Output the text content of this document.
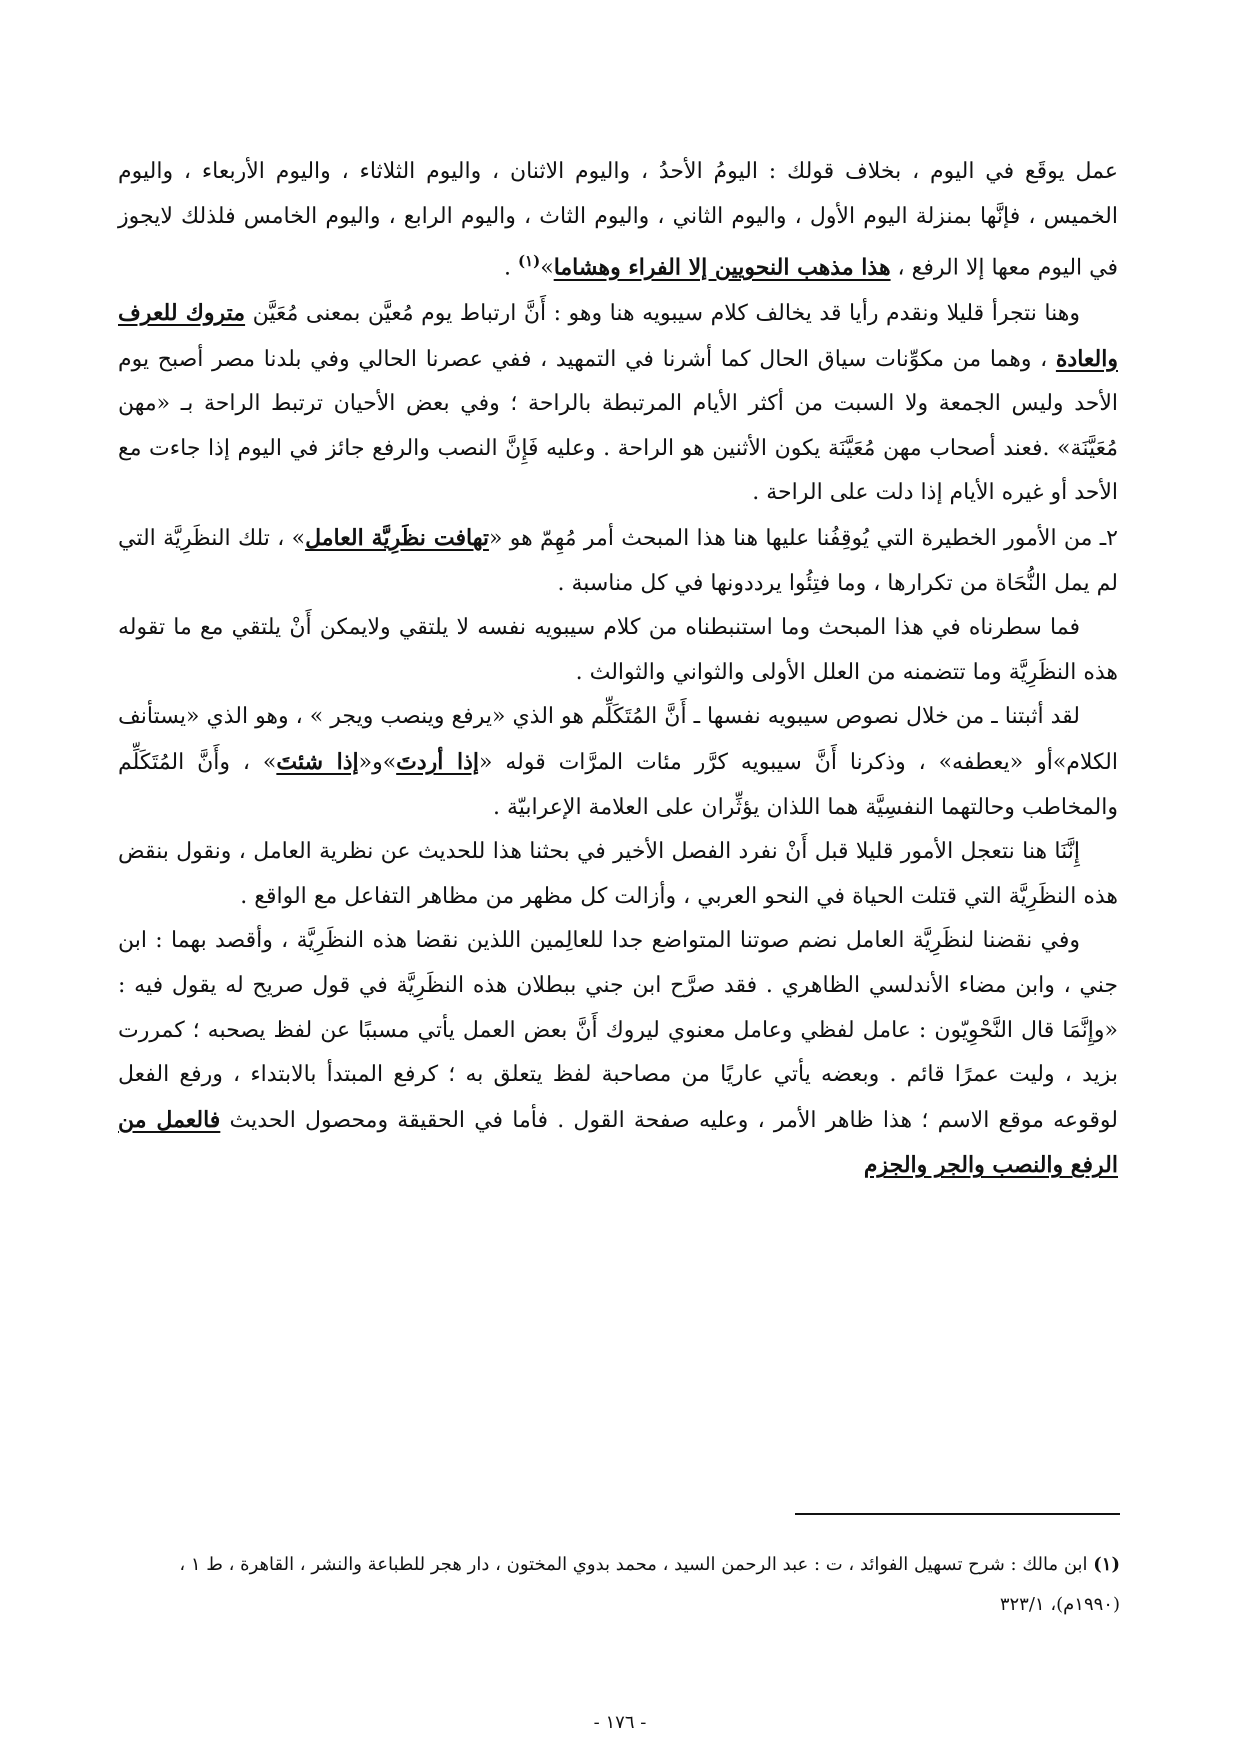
عمل يوقَع في اليوم ، بخلاف قولك : اليومُ الأحدُ ، واليوم الاثنان ، واليوم الثلاثاء ، واليوم الأربعاء ، واليوم الخميس ، فإنَّها بمنزلة اليوم الأول ، واليوم الثاني ، واليوم الثاث ، واليوم الرابع ، واليوم الخامس فلذلك لايجوز في اليوم معها إلا الرفع ، هذا مذهب النحويين إلا الفراء وهشاما»$^{(١)}$ .

وهنا نتجرأ قليلا ونقدم رأيا قد يخالف كلام سيبويه هنا وهو : أَنَّ ارتباط يوم مُعيَّن بمعنى مُعَيَّن متروك للعرف والعادة ، وهما من مكوِّنات سياق الحال كما أشرنا في التمهيد ، ففي عصرنا الحالي وفي بلدنا مصر أصبح يوم الأحد وليس الجمعة ولا السبت من أكثر الأيام المرتبطة بالراحة ؛ وفي بعض الأحيان ترتبط الراحة بـ «مهن مُعَيَّنَة» .فعند أصحاب مهن مُعَيَّنَة يكون الأثنين هو الراحة . وعليه فَإِنَّ النصب والرفع جائز في اليوم إذا جاءت مع الأحد أو غيره الأيام إذا دلت على الراحة .

٢ـ من الأمور الخطيرة التي يُوقِفُنا عليها هنا هذا المبحث أمر مُهِمّ هو «تهافت نظَرِيَّة العامل» ، تلك النظَرِيَّة التي لم يمل النُّحَاة من تكرارها ، وما فتِئُوا يرددونها في كل مناسبة .

فما سطرناه في هذا المبحث وما استنبطناه من كلام سيبويه نفسه لا يلتقي ولايمكن أَنْ يلتقي مع ما تقوله هذه النظَرِيَّة وما تتضمنه من العلل الأولى والثواني والثوالث .

لقد أثبتنا ـ من خلال نصوص سيبويه نفسها ـ أَنَّ المُتَكَلِّم هو الذي «يرفع وينصب ويجر » ، وهو الذي «يستأنف الكلام»أو «يعطفه» ، وذكرنا أَنَّ سيبويه كرَّر مئات المرَّات قوله «إذا أردتَ»و«إذا شئتَ» ، وأَنَّ المُتَكَلِّم والمخاطب وحالتهما النفسِيَّة هما اللذان يؤثِّران على العلامة الإعرابيّة .

إِنَّنَا هنا نتعجل الأمور قليلا قبل أَنْ نفرد الفصل الأخير في بحثنا هذا للحديث عن نظرية العامل ، ونقول بنقض هذه النظَرِيَّة التي قتلت الحياة في النحو العربي ، وأزالت كل مظهر من مظاهر التفاعل مع الواقع .

وفي نقضنا لنظَرِيَّة العامل نضم صوتنا المتواضع جدا للعالِمين اللذين نقضا هذه النظَرِيَّة ، وأقصد بهما : ابن جني ، وابن مضاء الأندلسي الظاهري . فقد صرَّح ابن جني ببطلان هذه النظَرِيَّة في قول صريح له يقول فيه : «وإِنَّمَا قال النَّحْوِيّون : عامل لفظي وعامل معنوي ليروك أَنَّ بعض العمل يأتي مسببًا عن لفظ يصحبه ؛ كمررت بزيد ، وليت عمرًا قائم . وبعضه يأتي عاريًا من مصاحبة لفظ يتعلق به ؛ كرفع المبتدأ بالابتداء ، ورفع الفعل لوقوعه موقع الاسم ؛ هذا ظاهر الأمر ، وعليه صفحة القول . فأما في الحقيقة ومحصول الحديث فالعمل من الرفع والنصب والجر والجزم

(١) ابن مالك : شرح تسهيل الفوائد ، ت : عبد الرحمن السيد ، محمد بدوي المختون ، دار هجر للطباعة والنشر ، القاهرة ، ط ١ ، (١٩٩٠م)، ٣٢٣/١

- ١٧٦ -
